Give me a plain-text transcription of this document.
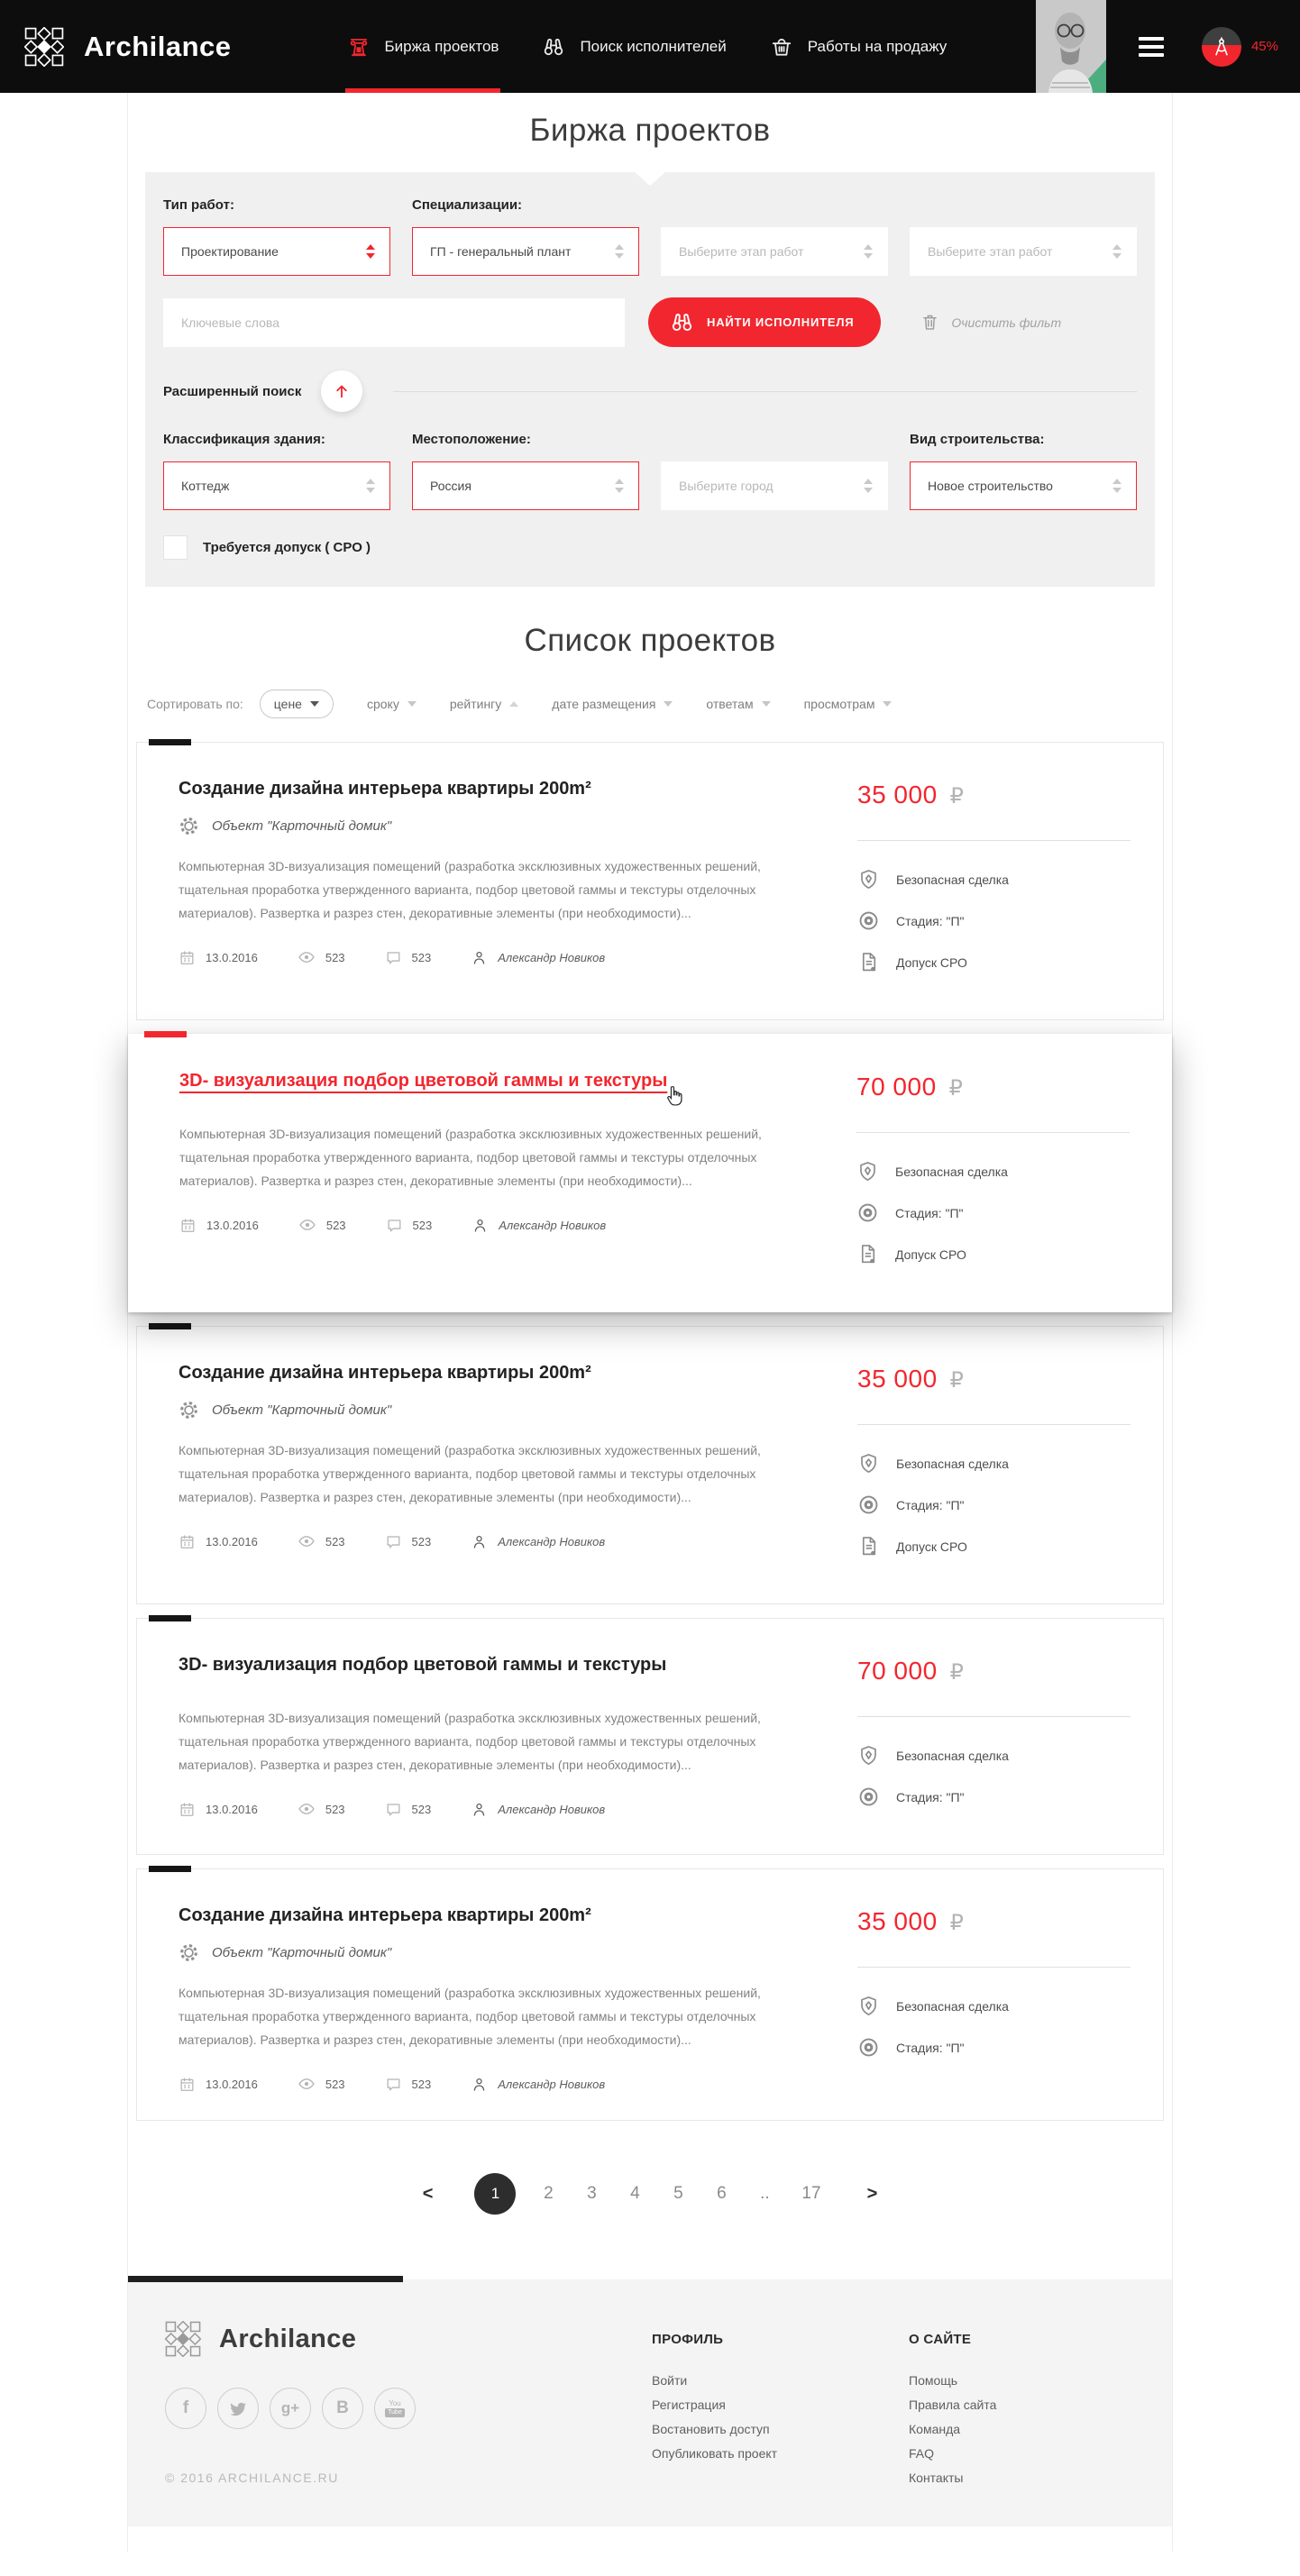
Archilance	Биржа проектов	Поиск исполнителей	Работы на продажу	45%
Биржа проектов
Тип работ:
Проектирование
Специализации:
ГП - генеральный плант
	Выберите этап работ
	Выберите этап работ
Ключевые слова
НАЙТИ ИСПОЛНИТЕЛЯ	Очистить фильт
Расширенный поиск
Классификация здания:
Коттедж
Местоположение:
Россия
	Выберите город
Вид строительства:
Новое строительство
Требуется допуск ( СРО )
Список проектов
Сортировать по: цене	сроку	рейтингу	дате размещения	ответам	просмотрам
Создание дизайна интерьера квартиры 200m²
Объект "Карточный домик"

Компьютерная 3D-визуализация помещений (разработка эксклюзивных художественных решений, тщательная проработка утвержденного варианта, подбор цветовой гаммы и текстуры отделочных материалов). Развертка и разрез стен, декоративные элементы (при необходимости)...

13.0.2016	523	523	Александр Новиков
35 000 ₽
Безопасная сделка
Стадия: "П"
Допуск СРО
3D- визуализация подбор цветовой гаммы и текстуры

Компьютерная 3D-визуализация помещений (разработка эксклюзивных художественных решений, тщательная проработка утвержденного варианта, подбор цветовой гаммы и текстуры отделочных материалов). Развертка и разрез стен, декоративные элементы (при необходимости)...

13.0.2016	523	523	Александр Новиков
70 000 ₽
Безопасная сделка
Стадия: "П"
Допуск СРО
Создание дизайна интерьера квартиры 200m²
Объект "Карточный домик"

Компьютерная 3D-визуализация помещений (разработка эксклюзивных художественных решений, тщательная проработка утвержденного варианта, подбор цветовой гаммы и текстуры отделочных материалов). Развертка и разрез стен, декоративные элементы (при необходимости)...

13.0.2016	523	523	Александр Новиков
35 000 ₽
Безопасная сделка
Стадия: "П"
Допуск СРО
3D- визуализация подбор цветовой гаммы и текстуры

Компьютерная 3D-визуализация помещений (разработка эксклюзивных художественных решений, тщательная проработка утвержденного варианта, подбор цветовой гаммы и текстуры отделочных материалов). Развертка и разрез стен, декоративные элементы (при необходимости)...

13.0.2016	523	523	Александр Новиков
70 000 ₽
Безопасная сделка
Стадия: "П"
Создание дизайна интерьера квартиры 200m²
Объект "Карточный домик"

Компьютерная 3D-визуализация помещений (разработка эксклюзивных художественных решений, тщательная проработка утвержденного варианта, подбор цветовой гаммы и текстуры отделочных материалов). Развертка и разрез стен, декоративные элементы (при необходимости)...

13.0.2016	523	523	Александр Новиков
35 000 ₽
Безопасная сделка
Стадия: "П"
<	1	2 3 4 5 6 .. 17	>
Archilance
f	g+ B	You
Tube
© 2016 ARCHILANCE.RU
ПРОФИЛЬ
Войти
Регистрация
Востановить доступ
Опубликовать проект
О САЙТЕ
Помощь
Правила сайта
Команда
FAQ
Контакты
